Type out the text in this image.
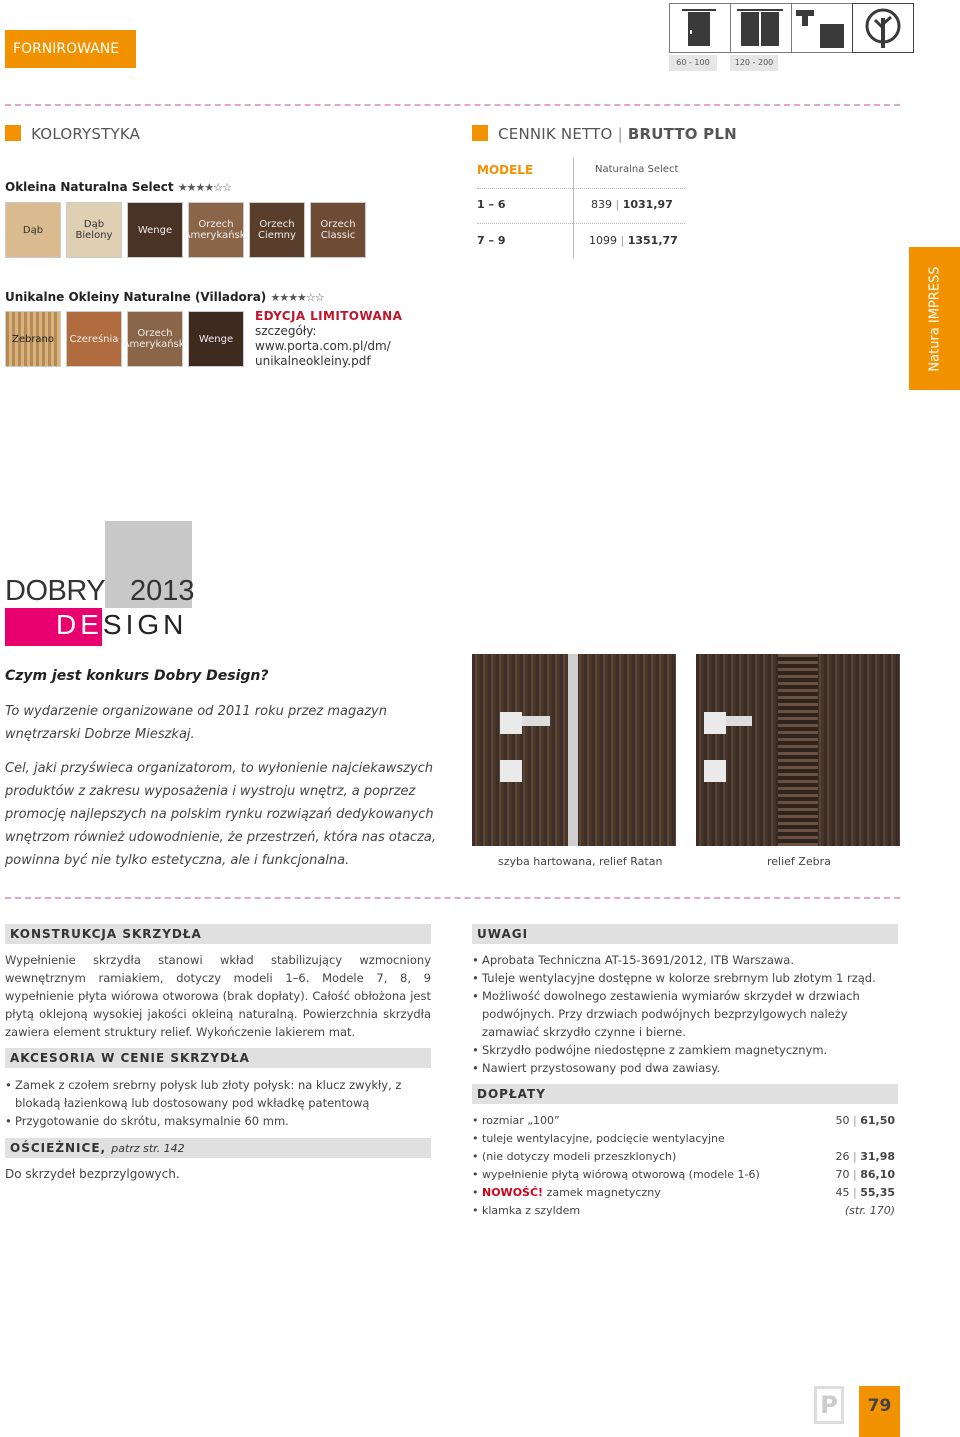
FORNIROWANE
60 - 100	120 - 200
KOLORYSTYKA
Okleina Naturalna Select ★★★★☆☆
Dąb	Dąb Bielony	Wenge	Orzech Amerykański
Orzech Ciemny
Orzech Classic
Unikalne Okleiny Naturalne (Villadora) ★★★★☆☆
Zebrano	Czereśnia	Orzech Amerykański	Wenge
EDYCJA LIMITOWANA
szczegóły:
www.porta.com.pl/dm/
unikalneokleiny.pdf
CENNIK NETTO | BRUTTO PLN
MODELE	Naturalna Select
1 – 6	839 | 1031,97
7 – 9	1099 | 1351,77
Natura IMPRESS
DOBRY 2013
DESIGN
Czym jest konkurs Dobry Design?
To wydarzenie organizowane od 2011 roku przez magazyn wnętrzarski Dobrze Mieszkaj.
Cel, jaki przyświeca organizatorom, to wyłonienie najciekawszych produktów z zakresu wyposażenia i wystroju wnętrz, a poprzez promocję najlepszych na polskim rynku rozwiązań dedykowanych wnętrzom również udowodnienie, że przestrzeń, która nas otacza, powinna być nie tylko estetyczna, ale i funkcjonalna.	szyba hartowana, relief Ratan	relief Zebra
KONSTRUKCJA SKRZYDŁA
Wypełnienie skrzydła stanowi wkład stabilizujący wzmocniony wewnętrznym ramiakiem, dotyczy modeli 1–6. Modele 7, 8, 9 wypełnienie płyta wiórowa otworowa (brak dopłaty). Całość obłożona jest płytą oklejoną wysokiej jakości okleiną naturalną. Powierzchnia skrzydła zawiera element struktury relief. Wykończenie lakierem mat.
AKCESORIA W CENIE SKRZYDŁA
• Zamek z czołem srebrny połysk lub złoty połysk: na klucz zwykły, z blokadą łazienkową lub dostosowany pod wkładkę patentową
• Przygotowanie do skrótu, maksymalnie 60 mm.
OŚCIEŻNICE, patrz str. 142
Do skrzydeł bezprzylgowych.
UWAGI
• Aprobata Techniczna AT-15-3691/2012, ITB Warszawa.
• Tuleje wentylacyjne dostępne w kolorze srebrnym lub złotym 1 rząd.
• Możliwość dowolnego zestawienia wymiarów skrzydeł w drzwiach podwójnych. Przy drzwiach podwójnych bezprzylgowych należy zamawiać skrzydło czynne i bierne.
• Skrzydło podwójne niedostępne z zamkiem magnetycznym.
• Nawiert przystosowany pod dwa zawiasy.
DOPŁATY
• rozmiar „100”	50 | 61,50
• tuleje wentylacyjne, podcięcie wentylacyjne
• (nie dotyczy modeli przeszklonych)	26 | 31,98
• wypełnienie płytą wiórową otworową (modele 1-6)	70 | 86,10
• NOWOŚĆ! zamek magnetyczny	45 | 55,35
• klamka z szyldem	(str. 170)
P	79
